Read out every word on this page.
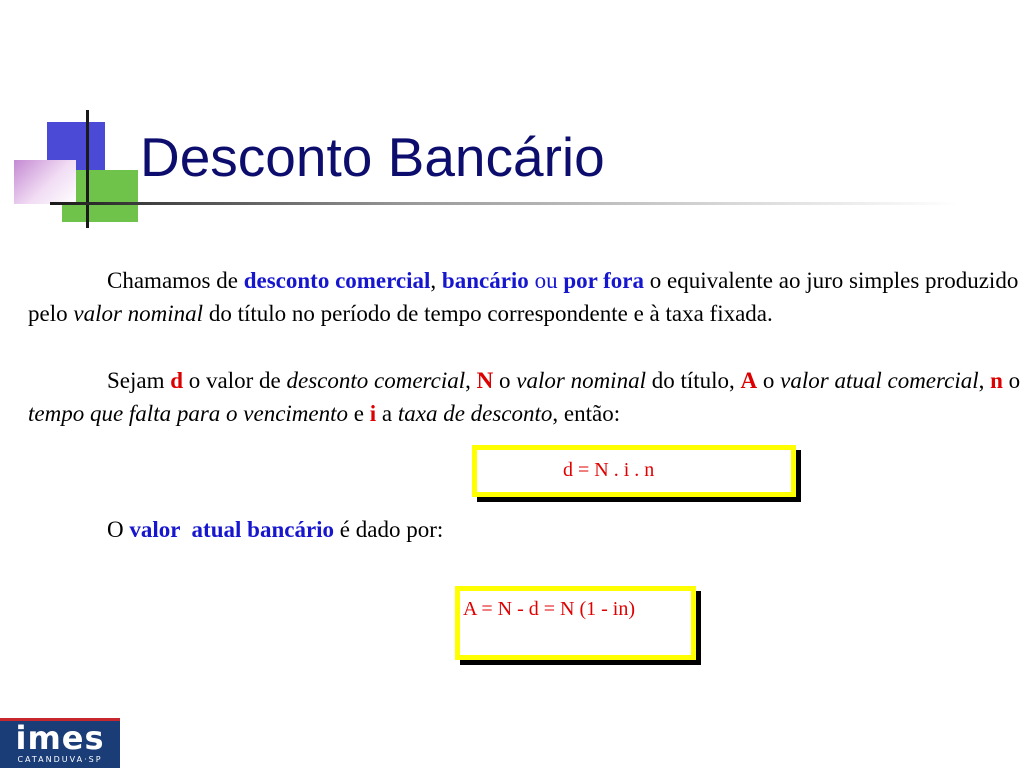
Desconto Bancário
Chamamos de desconto comercial, bancário ou por fora o equivalente ao juro simples produzido pelo valor nominal do título no período de tempo correspondente e à taxa fixada.
Sejam d o valor de desconto comercial, N o valor nominal do título, A o valor atual comercial, n o tempo que falta para o vencimento e i a taxa de desconto, então:
d = N . i . n
O valor  atual bancário é dado por:
A = N - d = N (1 - in)
imes
CATANDUVA·SP
